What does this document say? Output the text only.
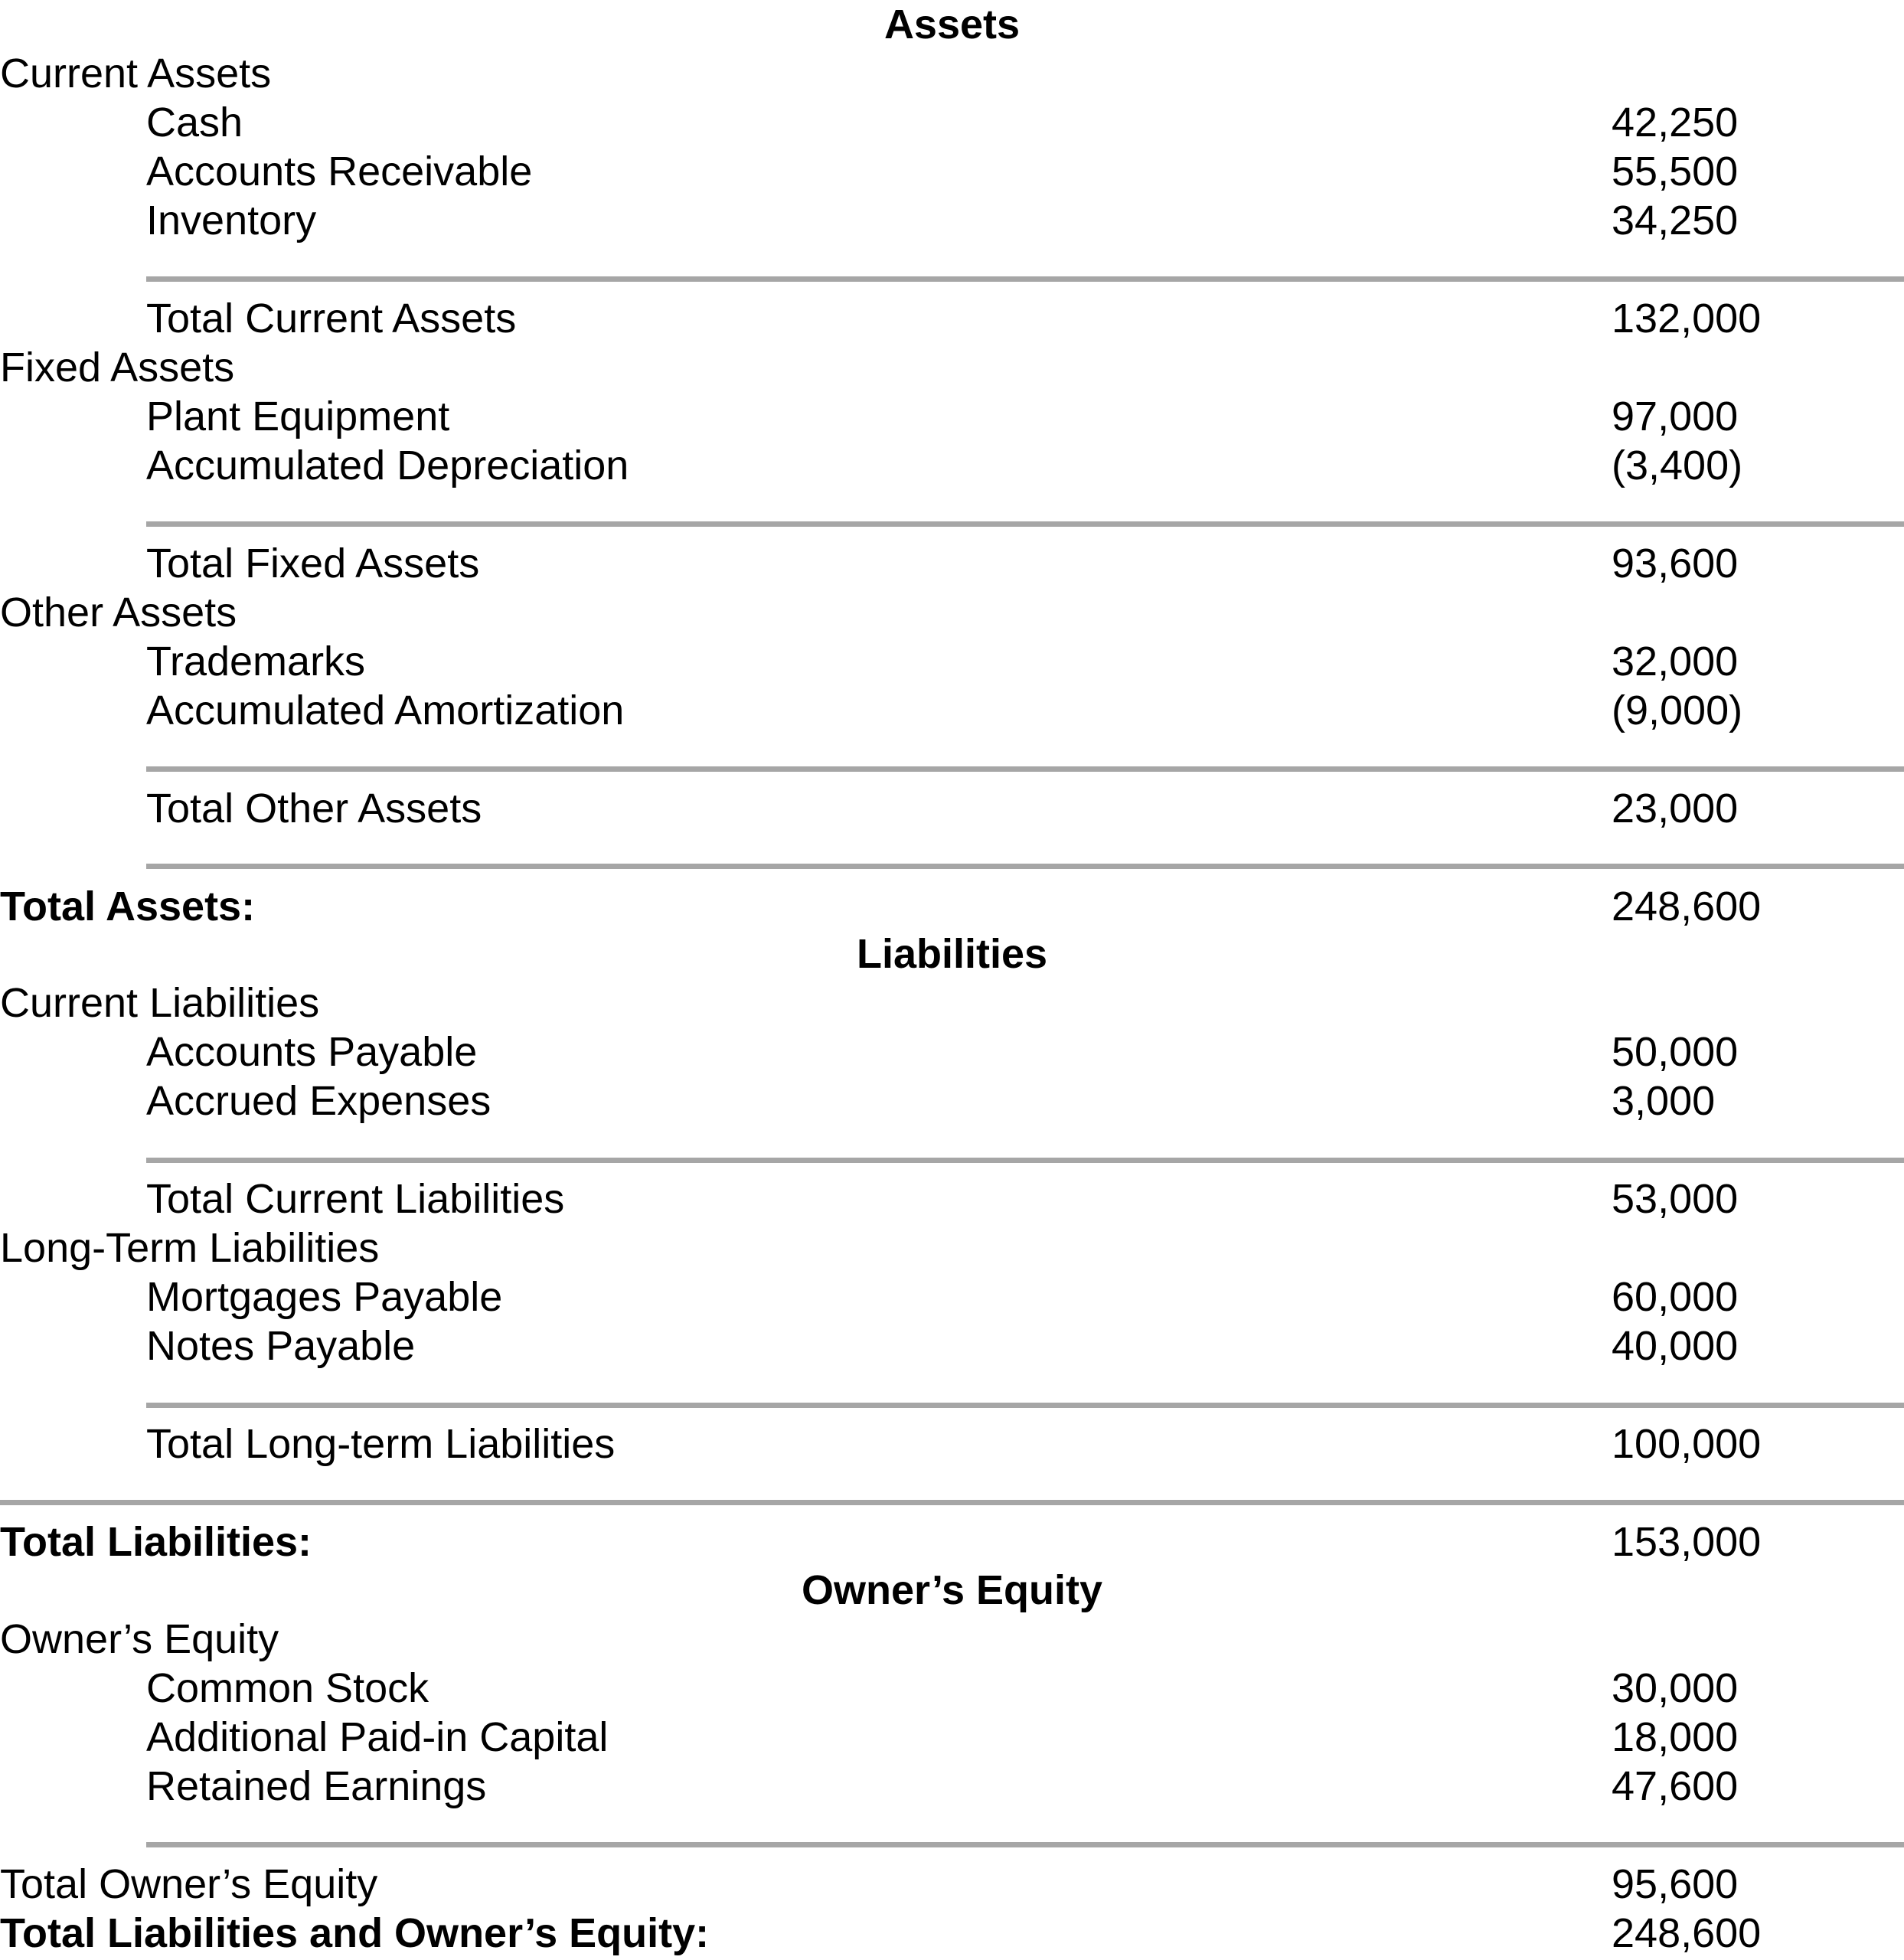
Assets
Current Assets
Cash	42,250
Accounts Receivable	55,500
Inventory	34,250
Total Current Assets	132,000
Fixed Assets
Plant Equipment	97,000
Accumulated Depreciation	(3,400)
Total Fixed Assets	93,600
Other Assets
Trademarks	32,000
Accumulated Amortization	(9,000)
Total Other Assets	23,000
Total Assets:	248,600
Liabilities
Current Liabilities
Accounts Payable	50,000
Accrued Expenses	3,000
Total Current Liabilities	53,000
Long-Term Liabilities
Mortgages Payable	60,000
Notes Payable	40,000
Total Long-term Liabilities	100,000
Total Liabilities:	153,000
Owner’s Equity
Owner’s Equity
Common Stock	30,000
Additional Paid-in Capital	18,000
Retained Earnings	47,600
Total Owner’s Equity	95,600
Total Liabilities and Owner’s Equity:	248,600
